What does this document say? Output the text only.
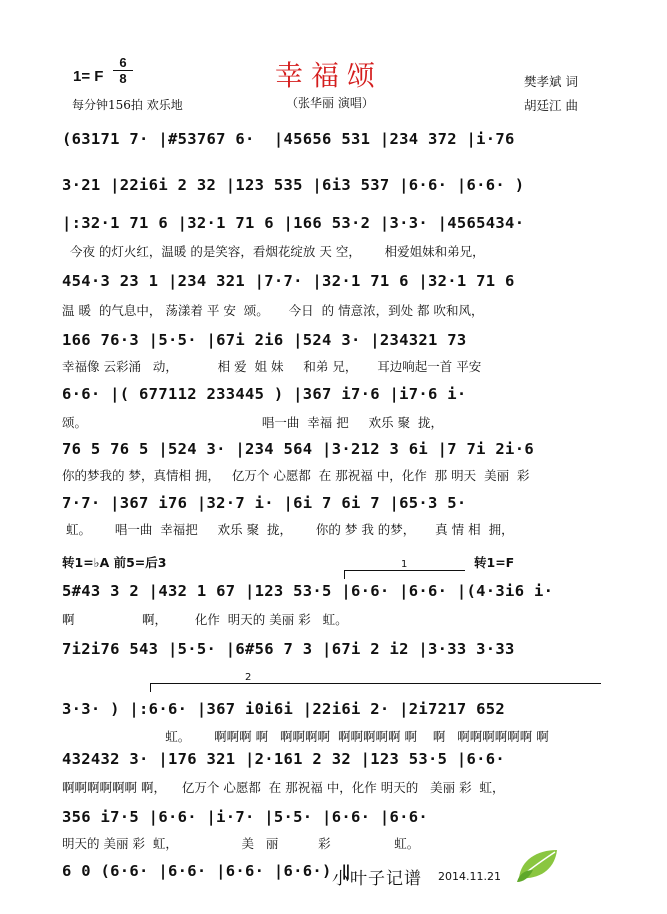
1= F
6
8
每分钟156拍 欢乐地
幸福颂
（张华丽 演唱）
樊孝斌 词
胡廷江 曲
(63171 7· |#53767 6·  |45656 531 |234 372 |i·76
3·21 |22i6i 2 32 |123 535 |6i3 537 |6·6· |6·6· )
|:32·1 71 6 |32·1 71 6 |166 53·2 |3·3· |4565434·
今夜 的灯火红，温暖 的是笑容，看烟花绽放 天 空，      相爱姐妹和弟兄，
454·3 23 1 |234 321 |7·7· |32·1 71 6 |32·1 71 6
温 暖  的气息中， 荡漾着 平 安  颂。     今日  的 情意浓，到处 都 吹和风，
166 76·3 |5·5· |67i 2i6 |524 3· |234321 73
幸福像 云彩涌   动，          相 爱  姐 妹     和弟 兄，     耳边响起一首 平安
6·6· |( 677112 233445 ) |367 i7·6 |i7·6 i·
颂。                                            唱一曲  幸福 把     欢乐 聚  拢，
76 5 76 5 |524 3· |234 564 |3·212 3 6i |7 7i 2i·6
你的梦我的 梦，真情相 拥，   亿万个 心愿都  在 那祝福 中，化作  那 明天  美丽  彩
7·7· |367 i76 |32·7 i· |6i 7 6i 7 |65·3 5·
虹。      唱一曲  幸福把     欢乐 聚  拢，      你的 梦 我 的梦，     真 情 相  拥，
转1=♭A 前5=后3	转1=F
1
5#43 3 2 |432 1 67 |123 53·5 |6·6· |6·6· |(4·3i6 i·
啊                 啊，       化作  明天的 美丽 彩   虹。
7i2i76 543 |5·5· |6#56 7 3 |67i 2 i2 |3·33 3·33
2
3·3· ) |:6·6· |367 i0i6i |22i6i 2· |2i7217 652
虹。      啊啊啊 啊   啊啊啊啊  啊啊啊啊啊 啊    啊   啊啊啊啊啊啊 啊
432432 3· |176 321 |2·161 2 32 |123 53·5 |6·6·
啊啊啊啊啊啊 啊，    亿万个 心愿都  在 那祝福 中，化作 明天的   美丽 彩  虹，
356 i7·5 |6·6· |i·7· |5·5· |6·6· |6·6·
明天的 美丽 彩  虹，                美   丽          彩                虹。
6 0 (6·6· |6·6· |6·6· |6·6·) ‖
小叶子记谱 2014.11.21
